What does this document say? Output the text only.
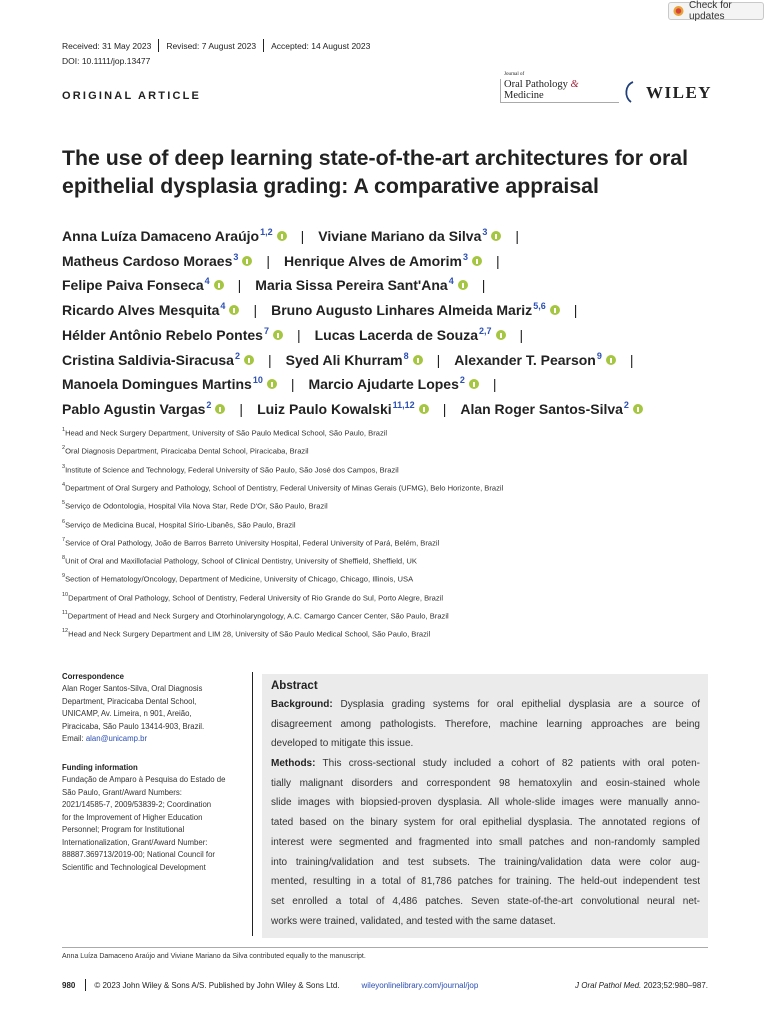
Check for updates
Received: 31 May 2023 Revised: 7 August 2023 Accepted: 14 August 2023
DOI: 10.1111/jop.13477
ORIGINAL ARTICLE
Journal of
Oral Pathology & Medicine	WILEY
The use of deep learning state-of-the-art architectures for oral epithelial dysplasia grading: A comparative appraisal
Anna Luíza Damaceno Araújo$^{1,2}$ | Viviane Mariano da Silva$^3$ |
Matheus Cardoso Moraes$^3$ | Henrique Alves de Amorim$^3$ |
Felipe Paiva Fonseca$^4$ | Maria Sissa Pereira Sant'Ana$^4$ |
Ricardo Alves Mesquita$^4$ | Bruno Augusto Linhares Almeida Mariz$^{5,6}$ |
Hélder Antônio Rebelo Pontes$^7$ | Lucas Lacerda de Souza$^{2,7}$ |
Cristina Saldivia-Siracusa$^2$ | Syed Ali Khurram$^8$ | Alexander T. Pearson$^9$ |
Manoela Domingues Martins$^{10}$ | Marcio Ajudarte Lopes$^2$ |
Pablo Agustin Vargas$^2$ | Luiz Paulo Kowalski$^{11,12}$ | Alan Roger Santos-Silva$^2$
$^1$Head and Neck Surgery Department, University of São Paulo Medical School, São Paulo, Brazil
$^2$Oral Diagnosis Department, Piracicaba Dental School, Piracicaba, Brazil
$^3$Institute of Science and Technology, Federal University of São Paulo, São José dos Campos, Brazil
$^4$Department of Oral Surgery and Pathology, School of Dentistry, Federal University of Minas Gerais (UFMG), Belo Horizonte, Brazil
$^5$Serviço de Odontologia, Hospital Vila Nova Star, Rede D'Or, São Paulo, Brazil
$^6$Serviço de Medicina Bucal, Hospital Sírio-Libanês, São Paulo, Brazil
$^7$Service of Oral Pathology, João de Barros Barreto University Hospital, Federal University of Pará, Belém, Brazil
$^8$Unit of Oral and Maxillofacial Pathology, School of Clinical Dentistry, University of Sheffield, Sheffield, UK
$^9$Section of Hematology/Oncology, Department of Medicine, University of Chicago, Chicago, Illinois, USA
$^{10}$Department of Oral Pathology, School of Dentistry, Federal University of Rio Grande do Sul, Porto Alegre, Brazil
$^{11}$Department of Head and Neck Surgery and Otorhinolaryngology, A.C. Camargo Cancer Center, São Paulo, Brazil
$^{12}$Head and Neck Surgery Department and LIM 28, University of São Paulo Medical School, São Paulo, Brazil
Correspondence
Alan Roger Santos-Silva, Oral Diagnosis
Department, Piracicaba Dental School,
UNICAMP, Av. Limeira, n 901, Areião,
Piracicaba, São Paulo 13414-903, Brazil.
Email: alan@unicamp.br
Funding information
Fundação de Amparo à Pesquisa do Estado de
São Paulo, Grant/Award Numbers:
2021/14585-7, 2009/53839-2; Coordination
for the Improvement of Higher Education
Personnel; Program for Institutional
Internationalization, Grant/Award Number:
88887.369713/2019-00; National Council for
Scientific and Technological Development
Abstract
Background: Dysplasia grading systems for oral epithelial dysplasia are a source of
disagreement among pathologists. Therefore, machine learning approaches are being
developed to mitigate this issue.
Methods: This cross-sectional study included a cohort of 82 patients with oral poten-
tially malignant disorders and correspondent 98 hematoxylin and eosin-stained whole
slide images with biopsied-proven dysplasia. All whole-slide images were manually anno-
tated based on the binary system for oral epithelial dysplasia. The annotated regions of
interest were segmented and fragmented into small patches and non-randomly sampled
into training/validation and test subsets. The training/validation data were color aug-
mented, resulting in a total of 81,786 patches for training. The held-out independent test
set enrolled a total of 4,486 patches. Seven state-of-the-art convolutional neural net-
works were trained, validated, and tested with the same dataset.
Anna Luíza Damaceno Araújo and Viviane Mariano da Silva contributed equally to the manuscript.
980 © 2023 John Wiley & Sons A/S. Published by John Wiley & Sons Ltd.	wileyonlinelibrary.com/journal/jop	J Oral Pathol Med. 2023;52:980–987.
